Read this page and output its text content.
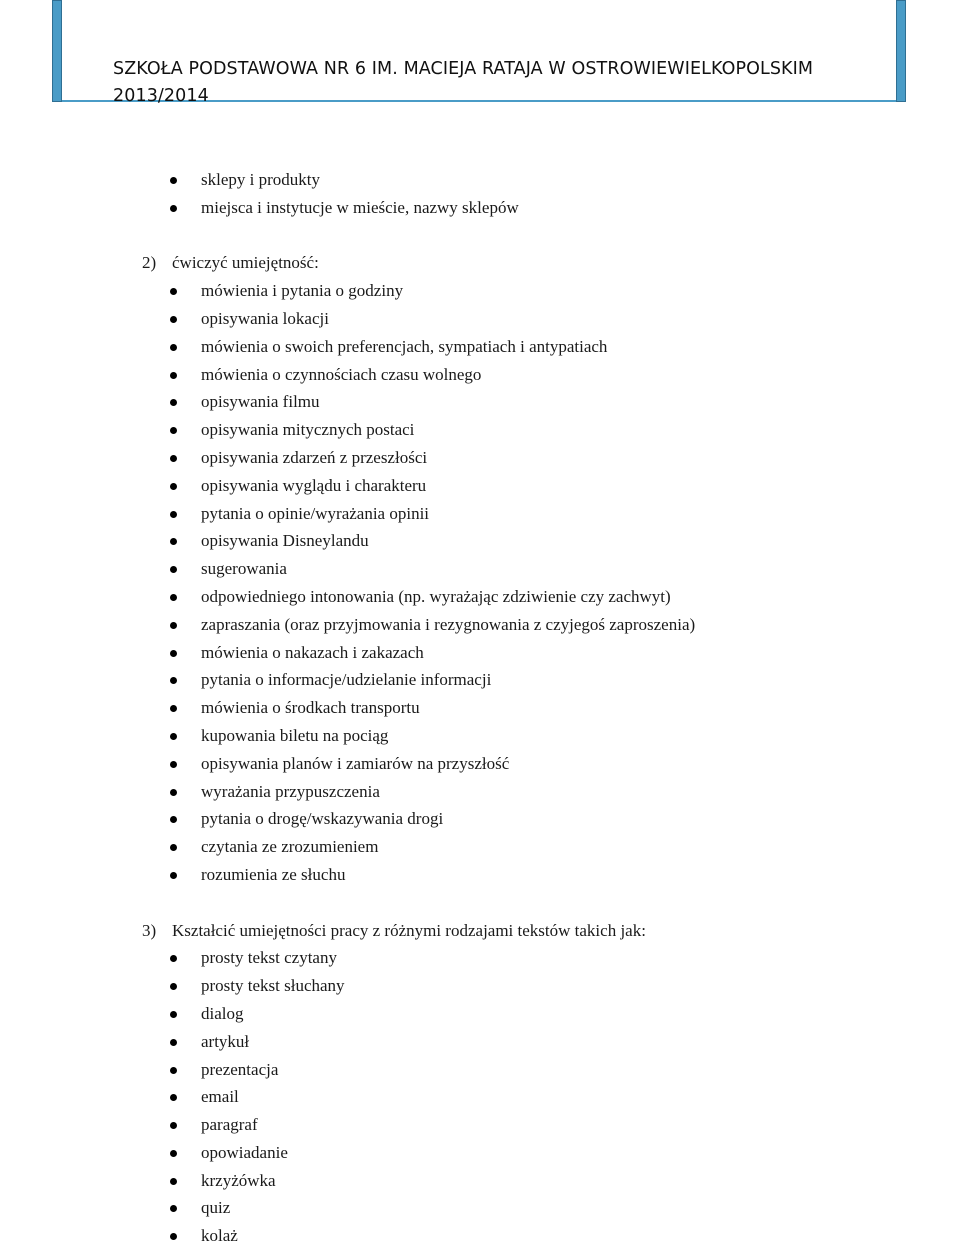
SZKOŁA PODSTAWOWA NR 6 IM. MACIEJA RATAJA W OSTROWIEWIELKOPOLSKIM
2013/2014
sklepy i produkty
miejsca i instytucje w mieście, nazwy sklepów
2) ćwiczyć umiejętność:
mówienia i pytania o godziny
opisywania lokacji
mówienia o swoich preferencjach, sympatiach i antypatiach
mówienia o czynnościach czasu wolnego
opisywania filmu
opisywania mitycznych postaci
opisywania zdarzeń z przeszłości
opisywania wyglądu i charakteru
pytania o opinie/wyrażania opinii
opisywania Disneylandu
sugerowania
odpowiedniego intonowania (np. wyrażając zdziwienie czy zachwyt)
zapraszania (oraz przyjmowania i rezygnowania z czyjegoś zaproszenia)
mówienia o nakazach i zakazach
pytania o informacje/udzielanie informacji
mówienia o środkach transportu
kupowania biletu na pociąg
opisywania planów i zamiarów na przyszłość
wyrażania przypuszczenia
pytania o drogę/wskazywania drogi
czytania ze zrozumieniem
rozumienia ze słuchu
3) Kształcić umiejętności pracy z różnymi rodzajami tekstów takich jak:
prosty tekst czytany
prosty tekst słuchany
dialog
artykuł
prezentacja
email
paragraf
opowiadanie
krzyżówka
quiz
kolaż
